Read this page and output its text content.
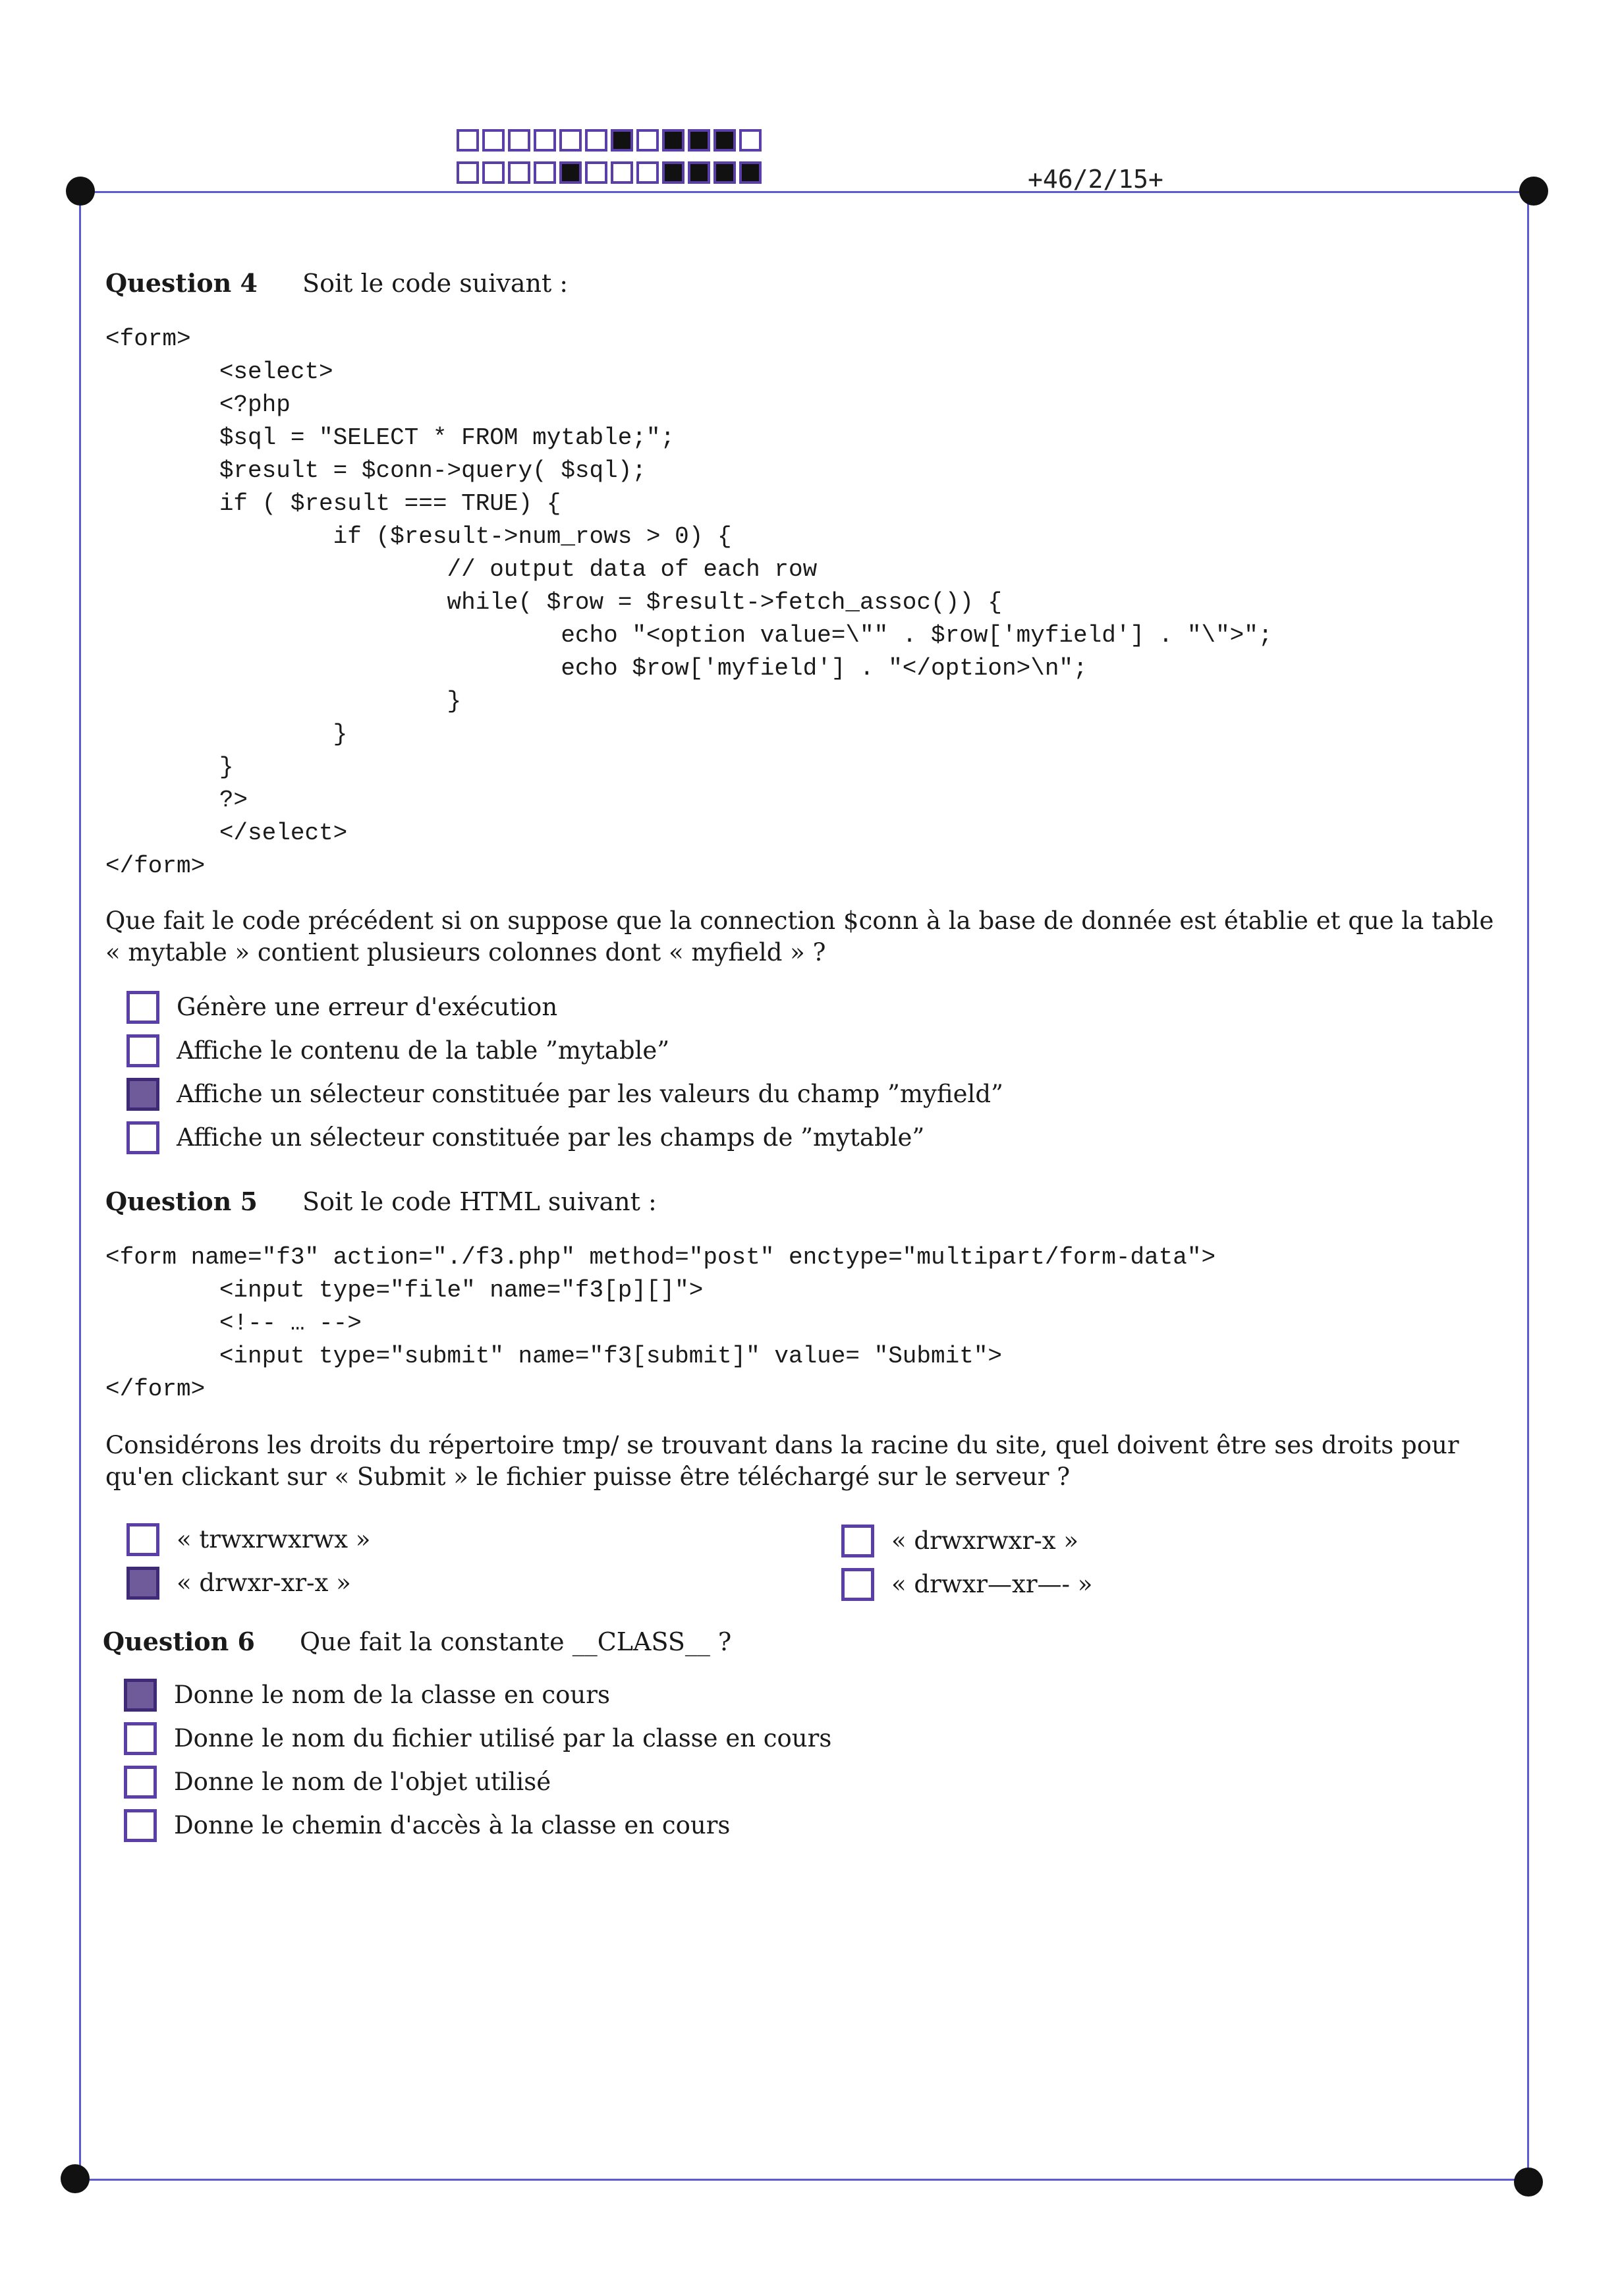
+46/2/15+
Question 4 Soit le code suivant :
<form>
<select>
<?php
$sql = "SELECT * FROM mytable;";
$result = $conn->query( $sql);
if ( $result === TRUE) {
if ($result->num_rows > 0) {
// output data of each row
while( $row = $result->fetch_assoc()) {
echo "<option value=\"" . $row['myfield'] . "\">";
echo $row['myfield'] . "</option>\n";
}
}
}
?>
</select>
</form>
Que fait le code précédent si on suppose que la connection $conn à la base de donnée est établie et que la table « mytable » contient plusieurs colonnes dont « myfield » ?
Génère une erreur d'exécution
Affiche le contenu de la table ”mytable”
Affiche un sélecteur constituée par les valeurs du champ ”myfield”
Affiche un sélecteur constituée par les champs de ”mytable”
Question 5 Soit le code HTML suivant :
<form name="f3" action="./f3.php" method="post" enctype="multipart/form-data">
<input type="file" name="f3[p][]">
<!-- … -->
<input type="submit" name="f3[submit]" value= "Submit">
</form>
Considérons les droits du répertoire tmp/ se trouvant dans la racine du site, quel doivent être ses droits pour qu'en clickant sur « Submit » le fichier puisse être téléchargé sur le serveur ?
« trwxrwxrwx »	« drwxrwxr-x »
« drwxr-xr-x »	« drwxr—xr—- »
Question 6 Que fait la constante __CLASS__ ?
Donne le nom de la classe en cours
Donne le nom du fichier utilisé par la classe en cours
Donne le nom de l'objet utilisé
Donne le chemin d'accès à la classe en cours
